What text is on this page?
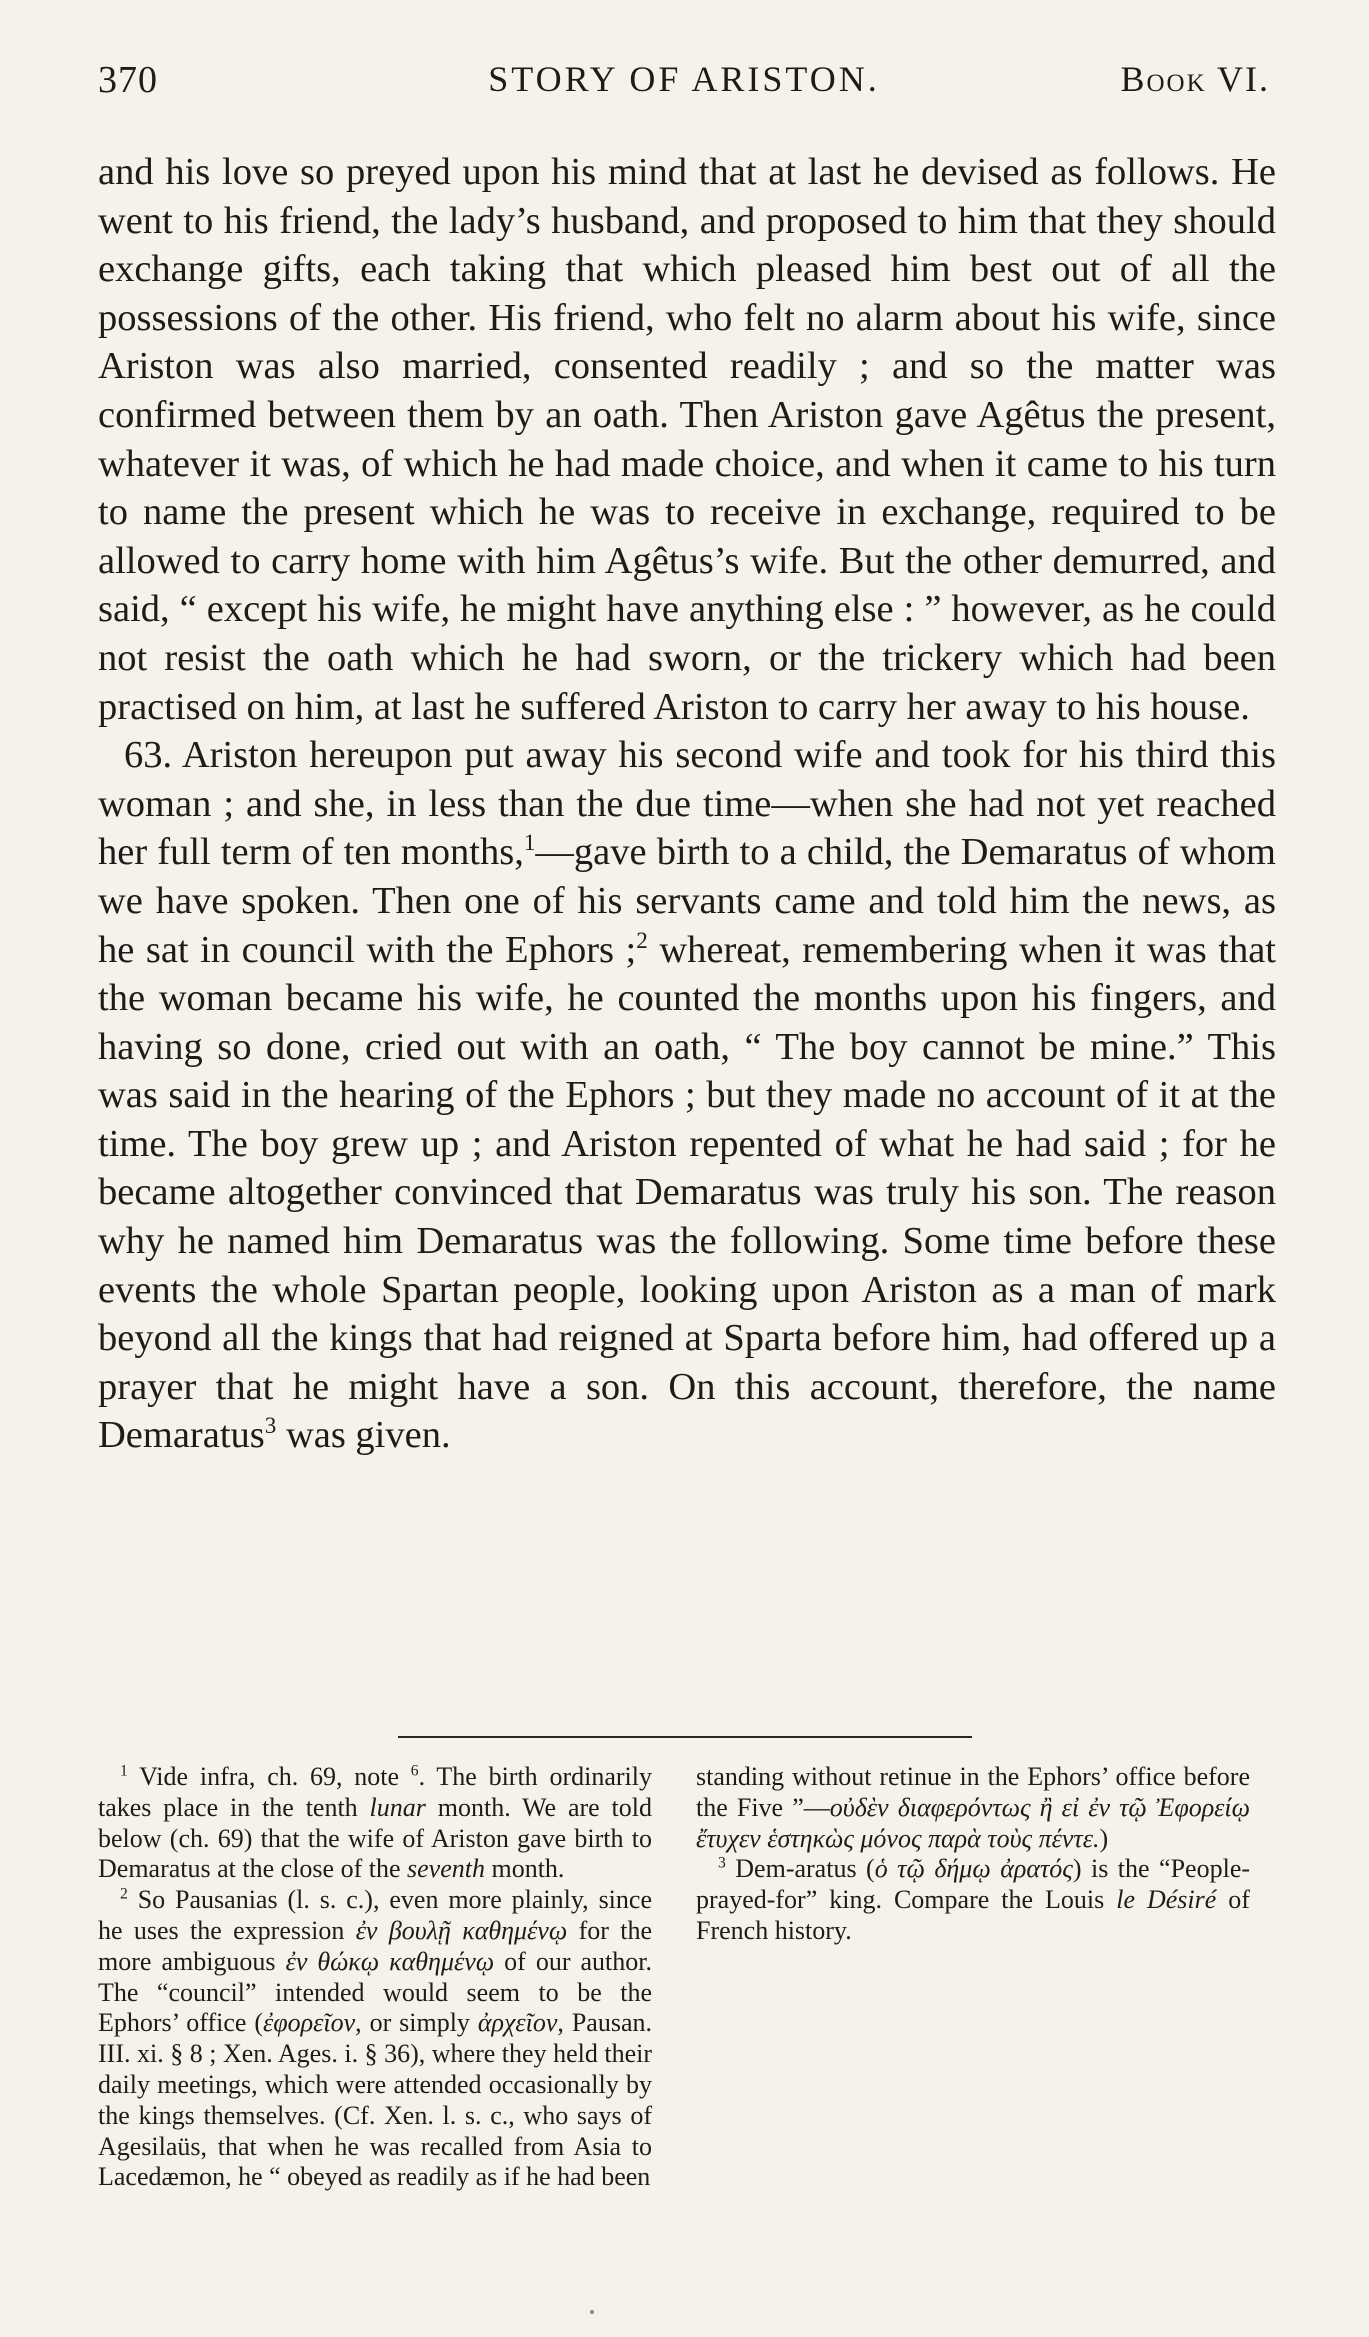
370	STORY OF ARISTON.	Book VI.

and his love so preyed upon his mind that at last he devised as follows. He went to his friend, the lady’s husband, and proposed to him that they should exchange gifts, each taking that which pleased him best out of all the possessions of the other. His friend, who felt no alarm about his wife, since Ariston was also married, consented readily ; and so the matter was confirmed between them by an oath. Then Ariston gave Agêtus the present, whatever it was, of which he had made choice, and when it came to his turn to name the present which he was to receive in exchange, required to be allowed to carry home with him Agêtus’s wife. But the other demurred, and said, “ except his wife, he might have anything else : ” however, as he could not resist the oath which he had sworn, or the trickery which had been practised on him, at last he suffered Ariston to carry her away to his house.

63. Ariston hereupon put away his second wife and took for his third this woman ; and she, in less than the due time—when she had not yet reached her full term of ten months,$^1$—gave birth to a child, the Demaratus of whom we have spoken. Then one of his servants came and told him the news, as he sat in council with the Ephors ;$^2$ whereat, remembering when it was that the woman became his wife, he counted the months upon his fingers, and having so done, cried out with an oath, “ The boy cannot be mine.” This was said in the hearing of the Ephors ; but they made no account of it at the time. The boy grew up ; and Ariston repented of what he had said ; for he became altogether convinced that Demaratus was truly his son. The reason why he named him Demaratus was the following. Some time before these events the whole Spartan people, looking upon Ariston as a man of mark beyond all the kings that had reigned at Sparta before him, had offered up a prayer that he might have a son. On this account, therefore, the name Demaratus$^3$ was given.

$^1$ Vide infra, ch. 69, note $^6$. The birth ordinarily takes place in the tenth lunar month. We are told below (ch. 69) that the wife of Ariston gave birth to Demaratus at the close of the seventh month.

$^2$ So Pausanias (l. s. c.), even more plainly, since he uses the expression ἐν βουλῇ καθημένῳ for the more ambiguous ἐν θώκῳ καθημένῳ of our author. The “council” intended would seem to be the Ephors’ office (ἐφορεῖον, or simply ἀρχεῖον, Pausan. III. xi. § 8 ; Xen. Ages. i. § 36), where they held their daily meetings, which were attended occasionally by the kings themselves. (Cf. Xen. l. s. c., who says of Agesilaüs, that when he was recalled from Asia to Lacedæmon, he “ obeyed as readily as if he had been

standing without retinue in the Ephors’ office before the Five ”—οὐδὲν διαφερόντως ἢ εἰ ἐν τῷ Ἐφορείῳ ἔτυχεν ἑστηκὼς μόνος παρὰ τοὺς πέντε.)

$^3$ Dem-aratus (ὁ τῷ δήμῳ ἀρατός) is the “People-prayed-for” king. Compare the Louis le Désiré of French history.
